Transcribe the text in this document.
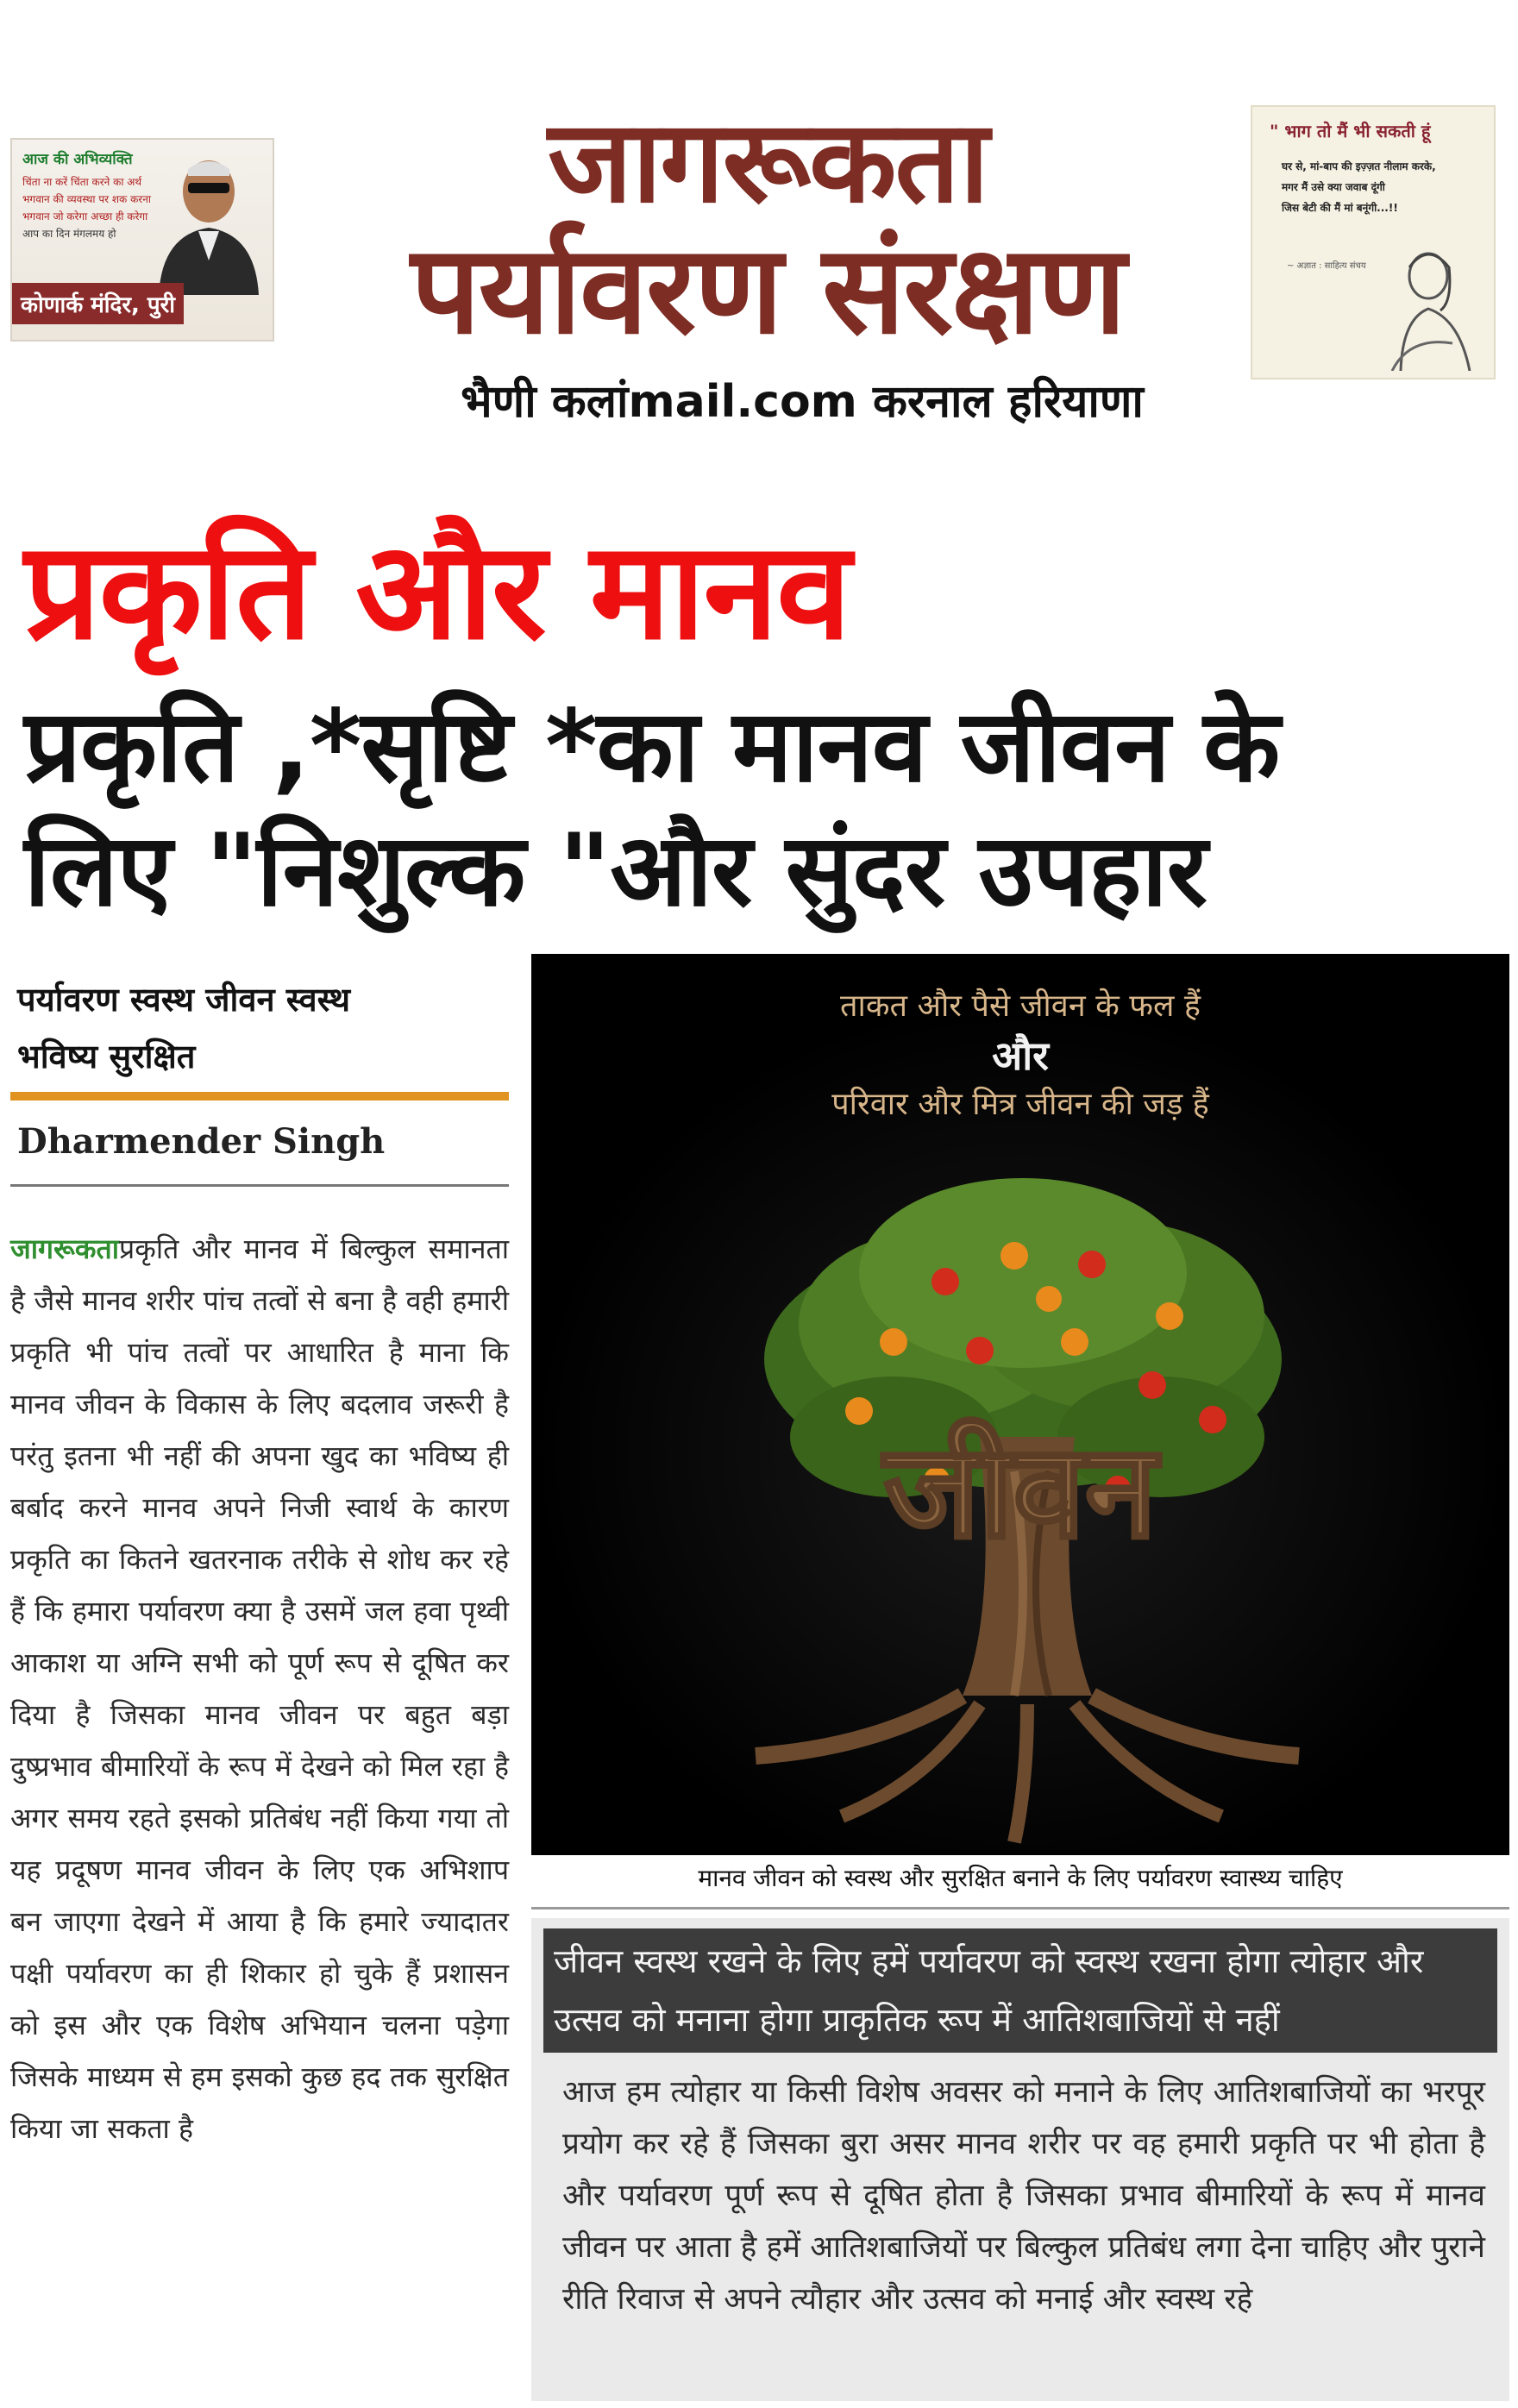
आज की अभिव्यक्ति
चिंता ना करें चिंता करने का अर्थ
भगवान की व्यवस्था पर शक करना
भगवान जो करेगा अच्छा ही करेगा
आप का दिन मंगलमय हो
कोणार्क मंदिर, पुरी
" भाग तो मैं भी सकती हूं
घर से, मां-बाप की इज़्ज़त नीलाम करके,
मगर मैं उसे क्या जवाब दूंगी
जिस बेटी की मैं मां बनूंगी...!!
~ अज्ञात : साहित्य संचय
जागरूकता
पर्यावरण संरक्षण
भैणी कलांmail.com करनाल हरियाणा
प्रकृति और मानव
प्रकृति ,*सृष्टि *का मानव जीवन के
लिए "निशुल्क "और सुंदर उपहार
पर्यावरण स्वस्थ जीवन स्वस्थ
भविष्य सुरक्षित
Dharmender Singh
जागरूकताप्रकृति और मानव में बिल्कुल समानता है जैसे मानव शरीर पांच तत्वों से बना है वही हमारी प्रकृति भी पांच तत्वों पर आधारित है माना कि मानव जीवन के विकास के लिए बदलाव जरूरी है परंतु इतना भी नहीं की अपना खुद का भविष्य ही बर्बाद करने मानव अपने निजी स्वार्थ के कारण प्रकृति का कितने खतरनाक तरीके से शोध कर रहे हैं कि हमारा पर्यावरण क्या है उसमें जल हवा पृथ्वी आकाश या अग्नि सभी को पूर्ण रूप से दूषित कर दिया है जिसका मानव जीवन पर बहुत बड़ा दुष्प्रभाव बीमारियों के रूप में देखने को मिल रहा है अगर समय रहते इसको प्रतिबंध नहीं किया गया तो यह प्रदूषण मानव जीवन के लिए एक अभिशाप बन जाएगा देखने में आया है कि हमारे ज्यादातर पक्षी पर्यावरण का ही शिकार हो चुके हैं प्रशासन को इस और एक विशेष अभियान चलना पड़ेगा जिसके माध्यम से हम इसको कुछ हद तक सुरक्षित किया जा सकता है
जीवन
ताकत और पैसे जीवन के फल हैं
और
परिवार और मित्र जीवन की जड़ हैं
मानव जीवन को स्वस्थ और सुरक्षित बनाने के लिए पर्यावरण स्वास्थ्य चाहिए
जीवन स्वस्थ रखने के लिए हमें पर्यावरण को स्वस्थ रखना होगा त्योहार और उत्सव को मनाना होगा प्राकृतिक रूप में आतिशबाजियों से नहीं
आज हम त्योहार या किसी विशेष अवसर को मनाने के लिए आतिशबाजियों का भरपूर प्रयोग कर रहे हैं जिसका बुरा असर मानव शरीर पर वह हमारी प्रकृति पर भी होता है और पर्यावरण पूर्ण रूप से दूषित होता है जिसका प्रभाव बीमारियों के रूप में मानव जीवन पर आता है हमें आतिशबाजियों पर बिल्कुल प्रतिबंध लगा देना चाहिए और पुराने रीति रिवाज से अपने त्यौहार और उत्सव को मनाई और स्वस्थ रहे
